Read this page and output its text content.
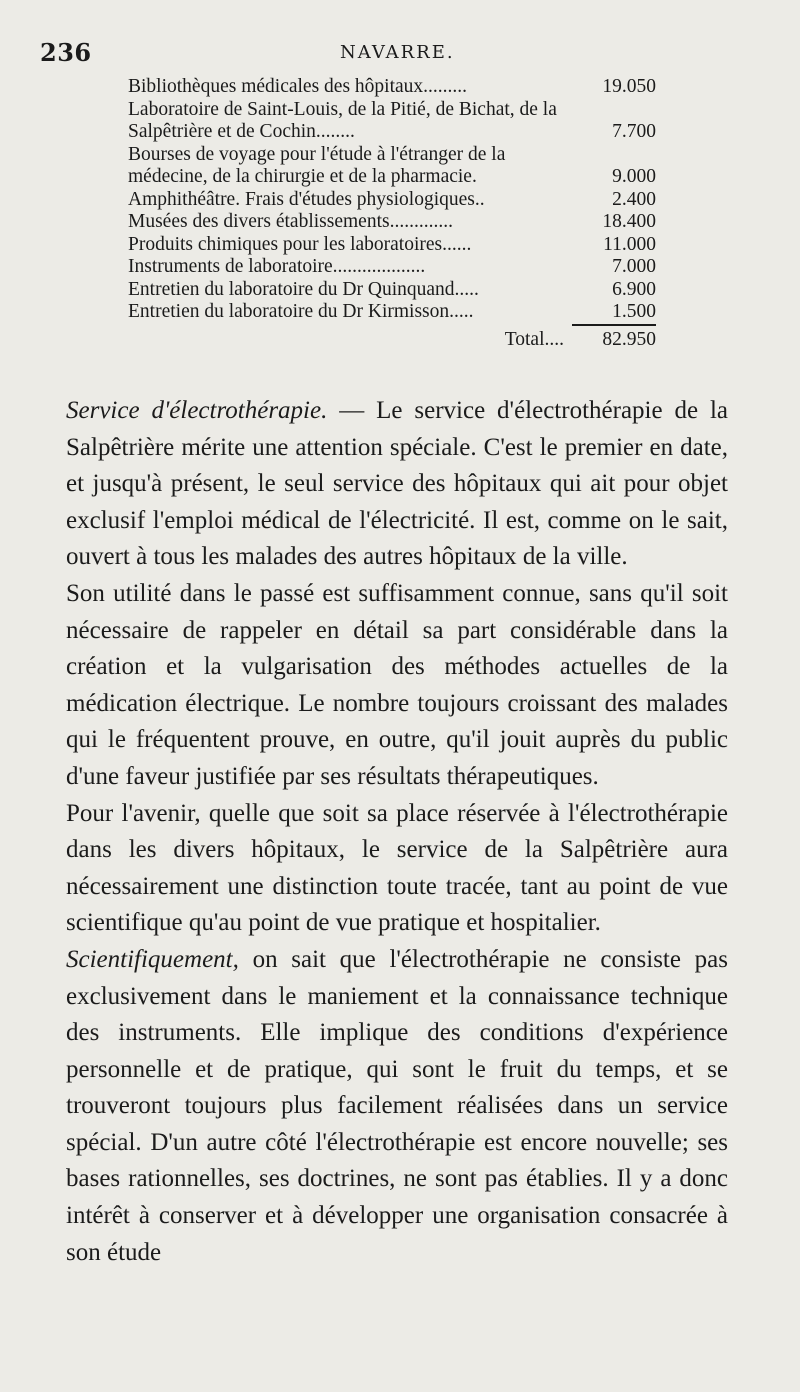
236	NAVARRE.
Bibliothèques médicales des hôpitaux.........	19.050
Laboratoire de Saint-Louis, de la Pitié, de Bichat, de la Salpêtrière et de Cochin........	7.700
Bourses de voyage pour l'étude à l'étranger de la médecine, de la chirurgie et de la pharmacie.	9.000
Amphithéâtre. Frais d'études physiologiques..	2.400
Musées des divers établissements.............	18.400
Produits chimiques pour les laboratoires......	11.000
Instruments de laboratoire...................	7.000
Entretien du laboratoire du Dr Quinquand.....	6.900
Entretien du laboratoire du Dr Kirmisson.....	1.500

Total.... 82.950

Service d'électrothérapie. — Le service d'électrothérapie de la Salpêtrière mérite une attention spéciale. C'est le premier en date, et jusqu'à présent, le seul service des hôpitaux qui ait pour objet exclusif l'emploi médical de l'électricité. Il est, comme on le sait, ouvert à tous les malades des autres hôpitaux de la ville.

Son utilité dans le passé est suffisamment connue, sans qu'il soit nécessaire de rappeler en détail sa part considérable dans la création et la vulgarisation des méthodes actuelles de la médication électrique. Le nombre toujours croissant des malades qui le fréquentent prouve, en outre, qu'il jouit auprès du public d'une faveur justifiée par ses résultats thérapeutiques.

Pour l'avenir, quelle que soit sa place réservée à l'électrothérapie dans les divers hôpitaux, le service de la Salpêtrière aura nécessairement une distinction toute tracée, tant au point de vue scientifique qu'au point de vue pratique et hospitalier.

Scientifiquement, on sait que l'électrothérapie ne consiste pas exclusivement dans le maniement et la connaissance technique des instruments. Elle implique des conditions d'expérience personnelle et de pratique, qui sont le fruit du temps, et se trouveront toujours plus facilement réalisées dans un service spécial. D'un autre côté l'électrothérapie est encore nouvelle; ses bases rationnelles, ses doctrines, ne sont pas établies. Il y a donc intérêt à conserver et à développer une organisation consacrée à son étude
